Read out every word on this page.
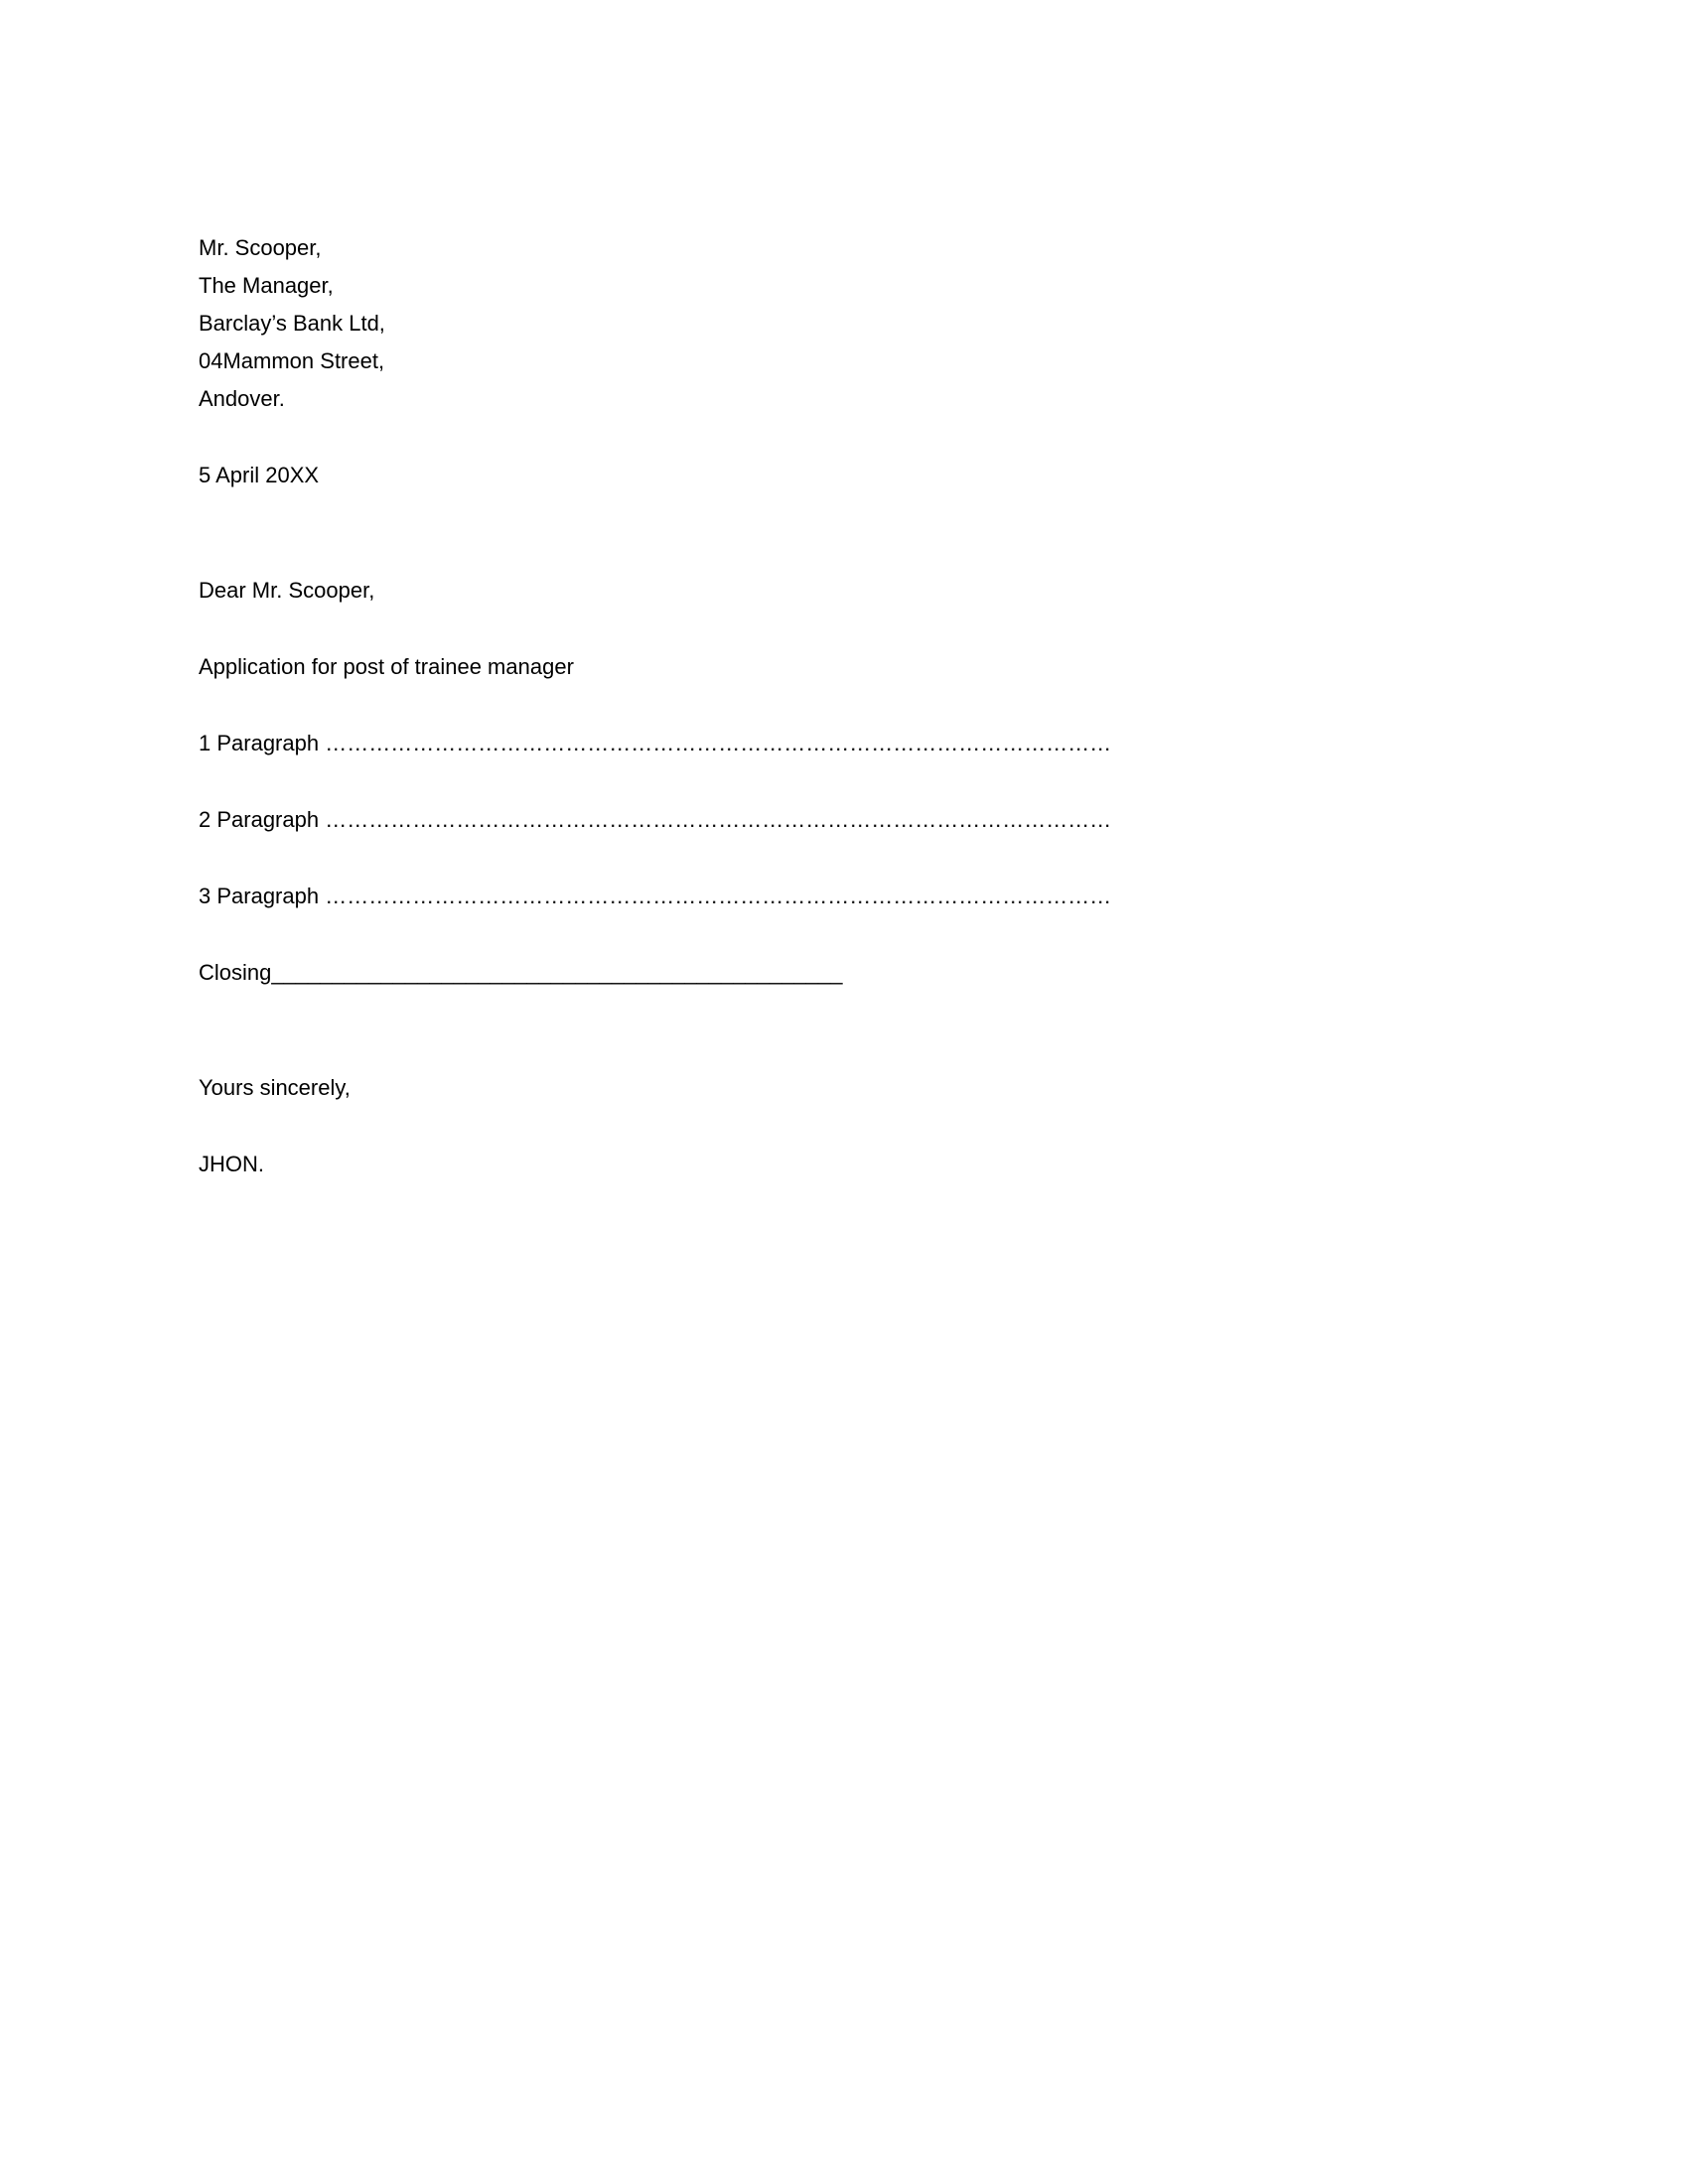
Mr. Scooper,
The Manager,
Barclay’s Bank Ltd,
04Mammon Street,
Andover.
5 April 20XX
Dear Mr. Scooper,
Application for post of trainee manager
1 Paragraph ………………………………………………………………………………………………
2 Paragraph ………………………………………………………………………………………………
3 Paragraph ………………………………………………………………………………………………
Closing_______________________________________________
Yours sincerely,
JHON.
